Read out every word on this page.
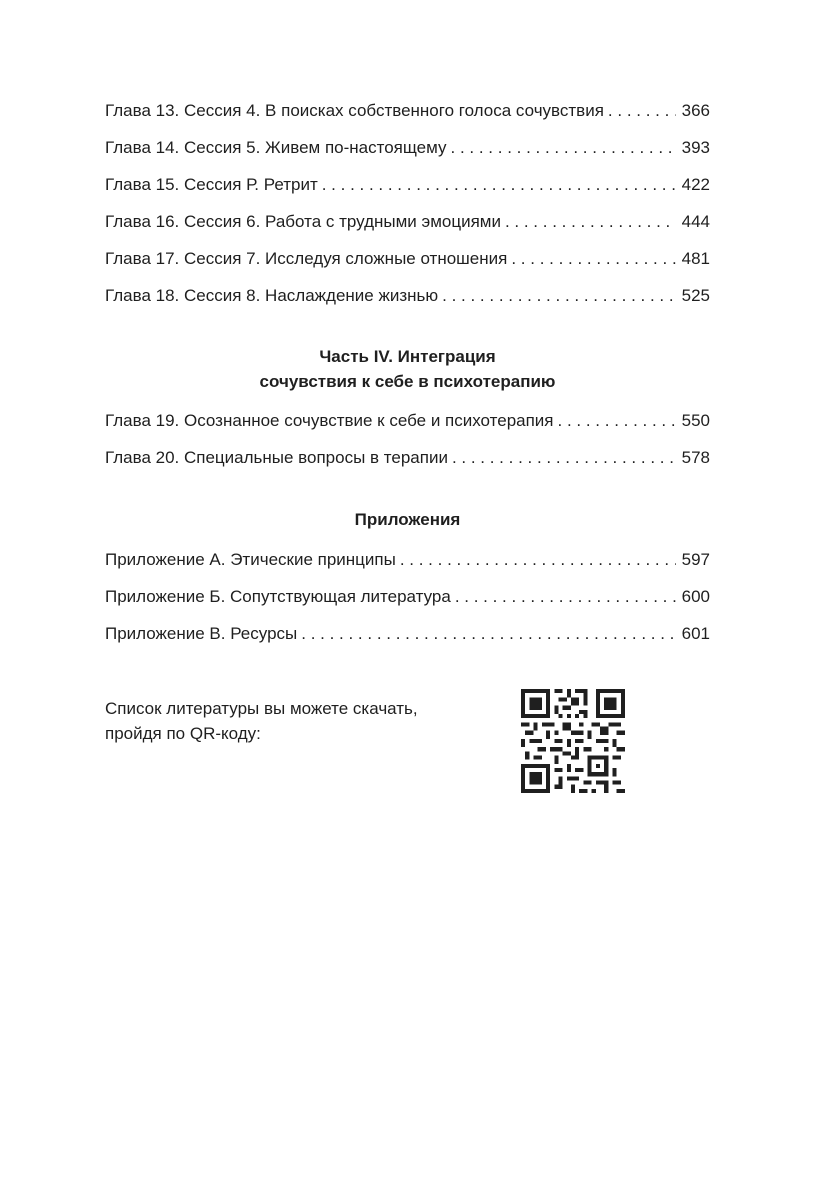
Глава 13. Сессия 4. В поисках собственного голоса сочувствия . . .	366
Глава 14. Сессия 5. Живем по-настоящему . . .	393
Глава 15. Сессия Р. Ретрит . . .	422
Глава 16. Сессия 6. Работа с трудными эмоциями . . .	444
Глава 17. Сессия 7. Исследуя сложные отношения . . .	481
Глава 18. Сессия 8. Наслаждение жизнью . . .	525
Часть IV. Интеграция
сочувствия к себе в психотерапию
Глава 19. Осознанное сочувствие к себе и психотерапия . . .	550
Глава 20. Специальные вопросы в терапии . . .	578
Приложения
Приложение А. Этические принципы . . .	597
Приложение Б. Сопутствующая литература . . .	600
Приложение В. Ресурсы . . .	601
Список литературы вы можете скачать,
пройдя по QR-коду:
